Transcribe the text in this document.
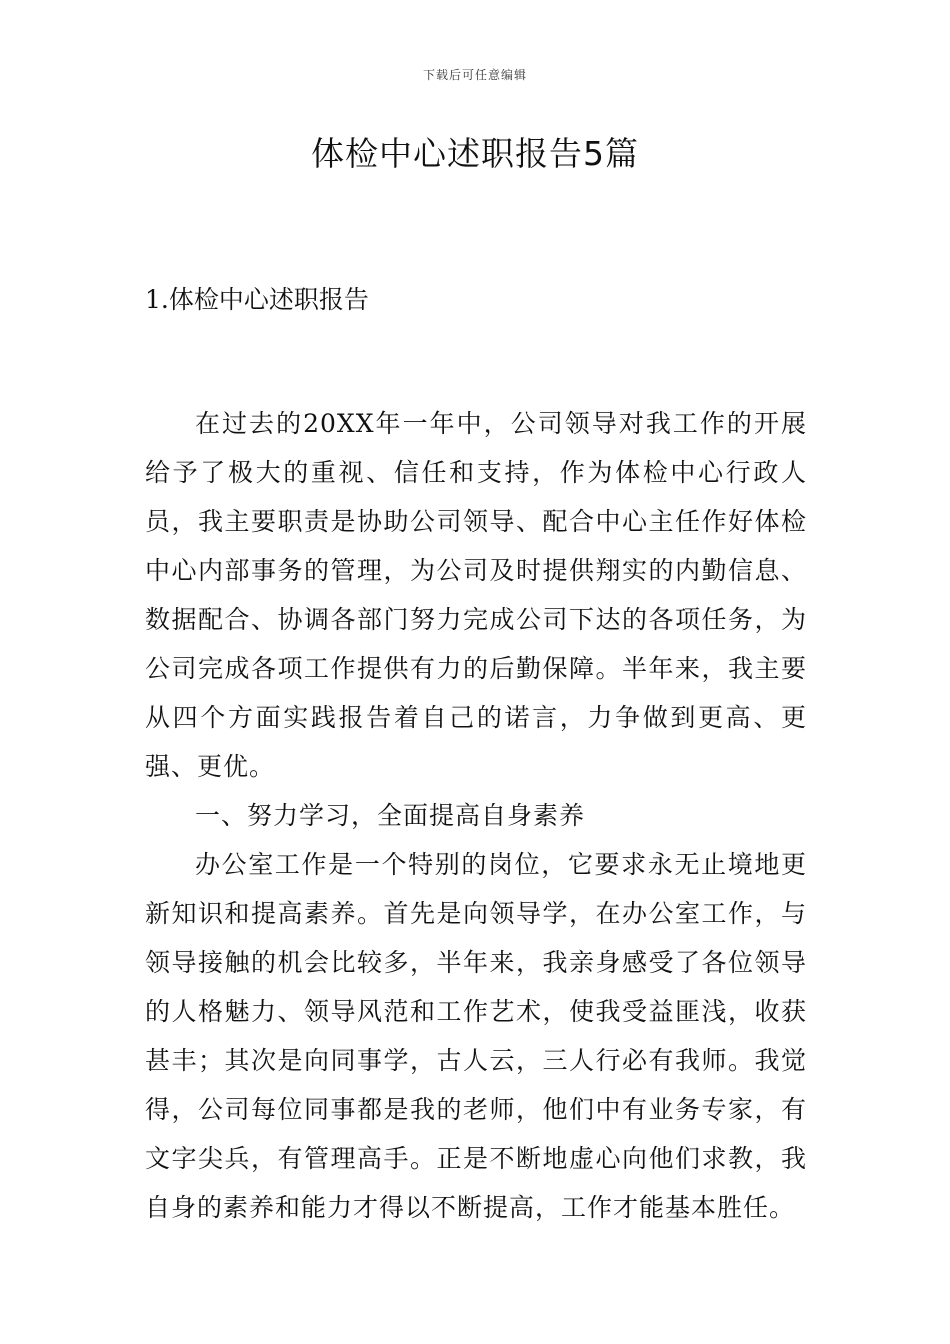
下载后可任意编辑
体检中心述职报告5篇
1.体检中心述职报告

在过去的20XX年一年中，公司领导对我工作的开展给予了极大的重视、信任和支持，作为体检中心行政人员，我主要职责是协助公司领导、配合中心主任作好体检中心内部事务的管理，为公司及时提供翔实的内勤信息、数据配合、协调各部门努力完成公司下达的各项任务，为公司完成各项工作提供有力的后勤保障。半年来，我主要从四个方面实践报告着自己的诺言，力争做到更高、更强、更优。

一、努力学习，全面提高自身素养

办公室工作是一个特别的岗位，它要求永无止境地更新知识和提高素养。首先是向领导学，在办公室工作，与领导接触的机会比较多，半年来，我亲身感受了各位领导的人格魅力、领导风范和工作艺术，使我受益匪浅，收获甚丰；其次是向同事学，古人云，三人行必有我师。我觉得，公司每位同事都是我的老师，他们中有业务专家，有文字尖兵，有管理高手。正是不断地虚心向他们求教，我自身的素养和能力才得以不断提高，工作才能基本胜任。
